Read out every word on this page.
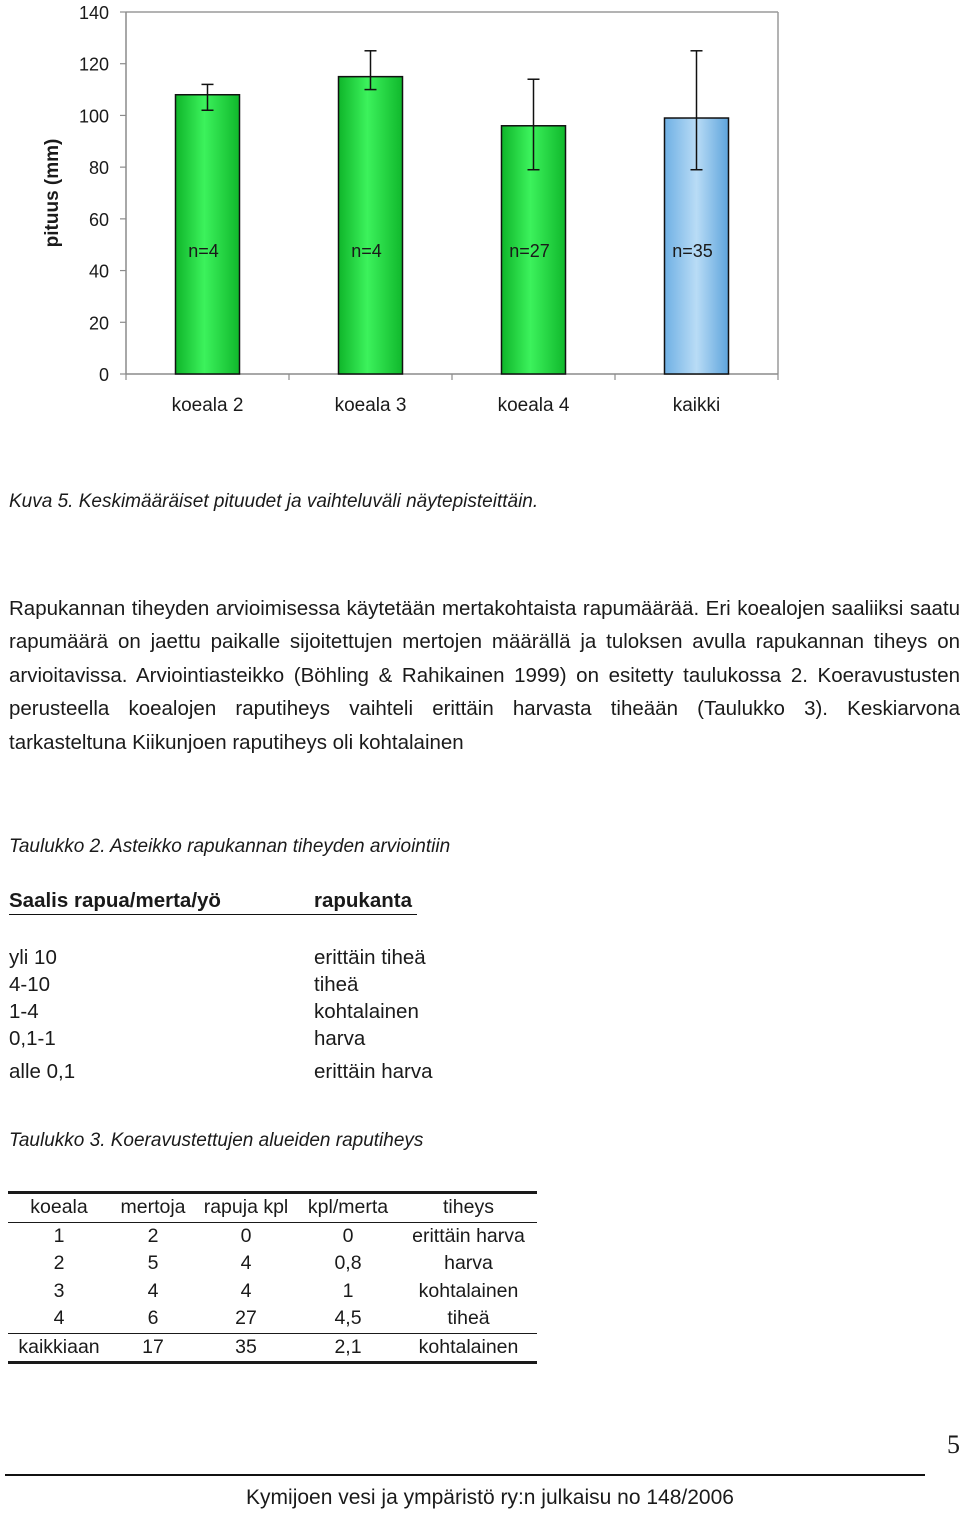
0
20
40
60
80
100
120
140
n=4	n=4	n=27	n=35
koeala 2	koeala 3	koeala 4	kaikki
pituus (mm)
Kuva 5. Keskimääräiset pituudet ja vaihteluväli näytepisteittäin.
Rapukannan tiheyden arvioimisessa käytetään mertakohtaista rapumäärää. Eri koealojen saaliiksi saatu rapumäärä on jaettu paikalle sijoitettujen mertojen määrällä ja tuloksen avulla rapukannan tiheys on arvioitavissa. Arviointiasteikko (Böhling & Rahikainen 1999) on esitetty taulukossa 2. Koeravustusten perusteella koealojen raputiheys vaihteli erittäin harvasta tiheään (Taulukko 3). Keskiarvona tarkasteltuna Kiikunjoen raputiheys oli kohtalainen
Taulukko 2. Asteikko rapukannan tiheyden arviointiin
Saalis rapua/merta/yö	rapukanta
yli 10	erittäin tiheä
4-10	tiheä
1-4	kohtalainen
0,1-1	harva
alle 0,1	erittäin harva
Taulukko 3. Koeravustettujen alueiden raputiheys
koeala	mertoja	rapuja kpl	kpl/merta	tiheys
1	2	0	0	erittäin harva
2	5	4	0,8	harva
3	4	4	1	kohtalainen
4	6	27	4,5	tiheä
kaikkiaan	17	35	2,1	kohtalainen
5
Kymijoen vesi ja ympäristö ry:n julkaisu no 148/2006
